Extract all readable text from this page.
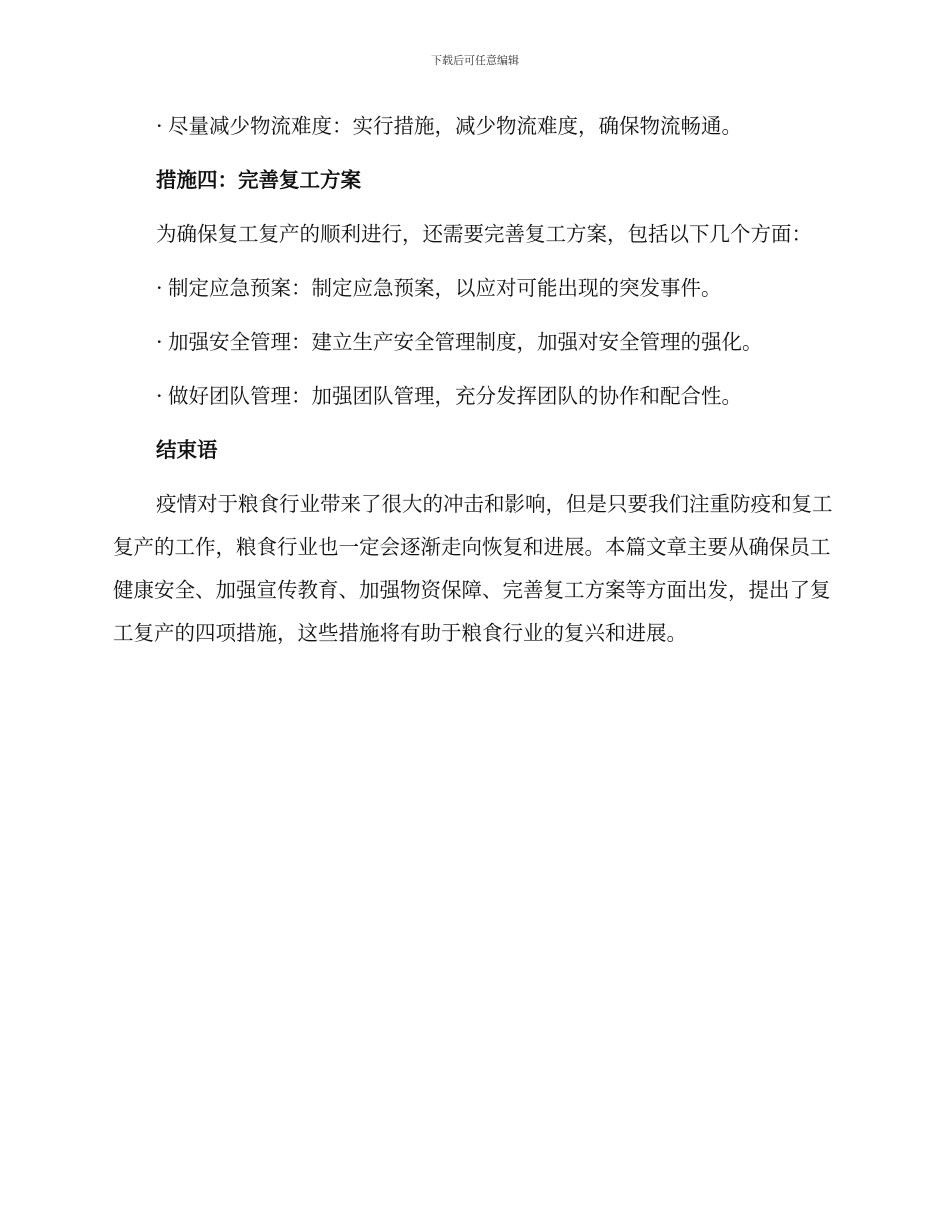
下载后可任意编辑

· 尽量减少物流难度：实行措施，减少物流难度，确保物流畅通。

措施四：完善复工方案

为确保复工复产的顺利进行，还需要完善复工方案，包括以下几个方面：

· 制定应急预案：制定应急预案，以应对可能出现的突发事件。

· 加强安全管理：建立生产安全管理制度，加强对安全管理的强化。

· 做好团队管理：加强团队管理，充分发挥团队的协作和配合性。

结束语

疫情对于粮食行业带来了很大的冲击和影响，但是只要我们注重防疫和复工复产的工作，粮食行业也一定会逐渐走向恢复和进展。本篇文章主要从确保员工健康安全、加强宣传教育、加强物资保障、完善复工方案等方面出发，提出了复工复产的四项措施，这些措施将有助于粮食行业的复兴和进展。
